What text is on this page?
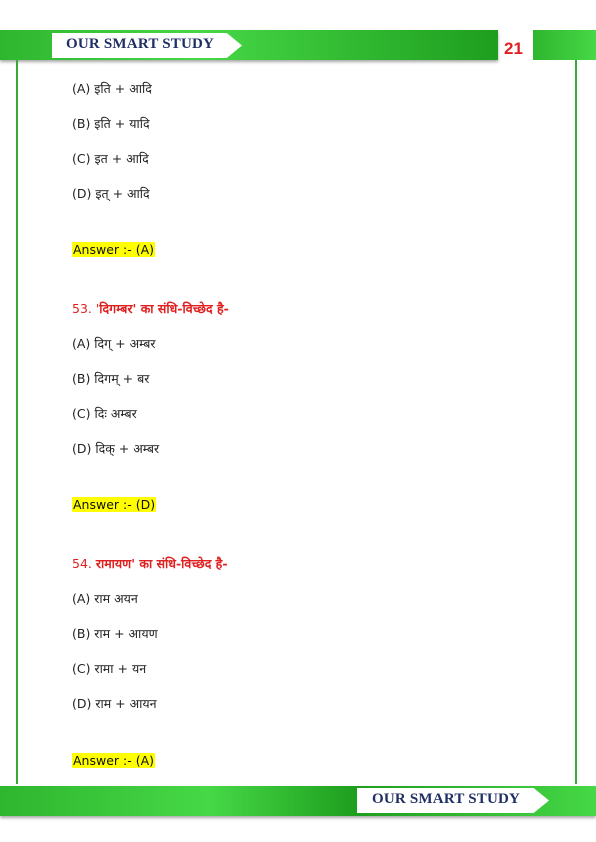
OUR SMART STUDY	21
(A) इति + आदि
(B) इति + यादि
(C) इत + आदि
(D) इत् + आदि
Answer :- (A)
53. 'दिगम्बर' का संधि-विच्छेद है-
(A) दिग् + अम्बर
(B) दिगम् + बर
(C) दिः अम्बर
(D) दिक् + अम्बर
Answer :- (D)
54. रामायण' का संधि-विच्छेद है-
(A) राम अयन
(B) राम + आयण
(C) रामा + यन
(D) राम + आयन
Answer :- (A)
OUR SMART STUDY
